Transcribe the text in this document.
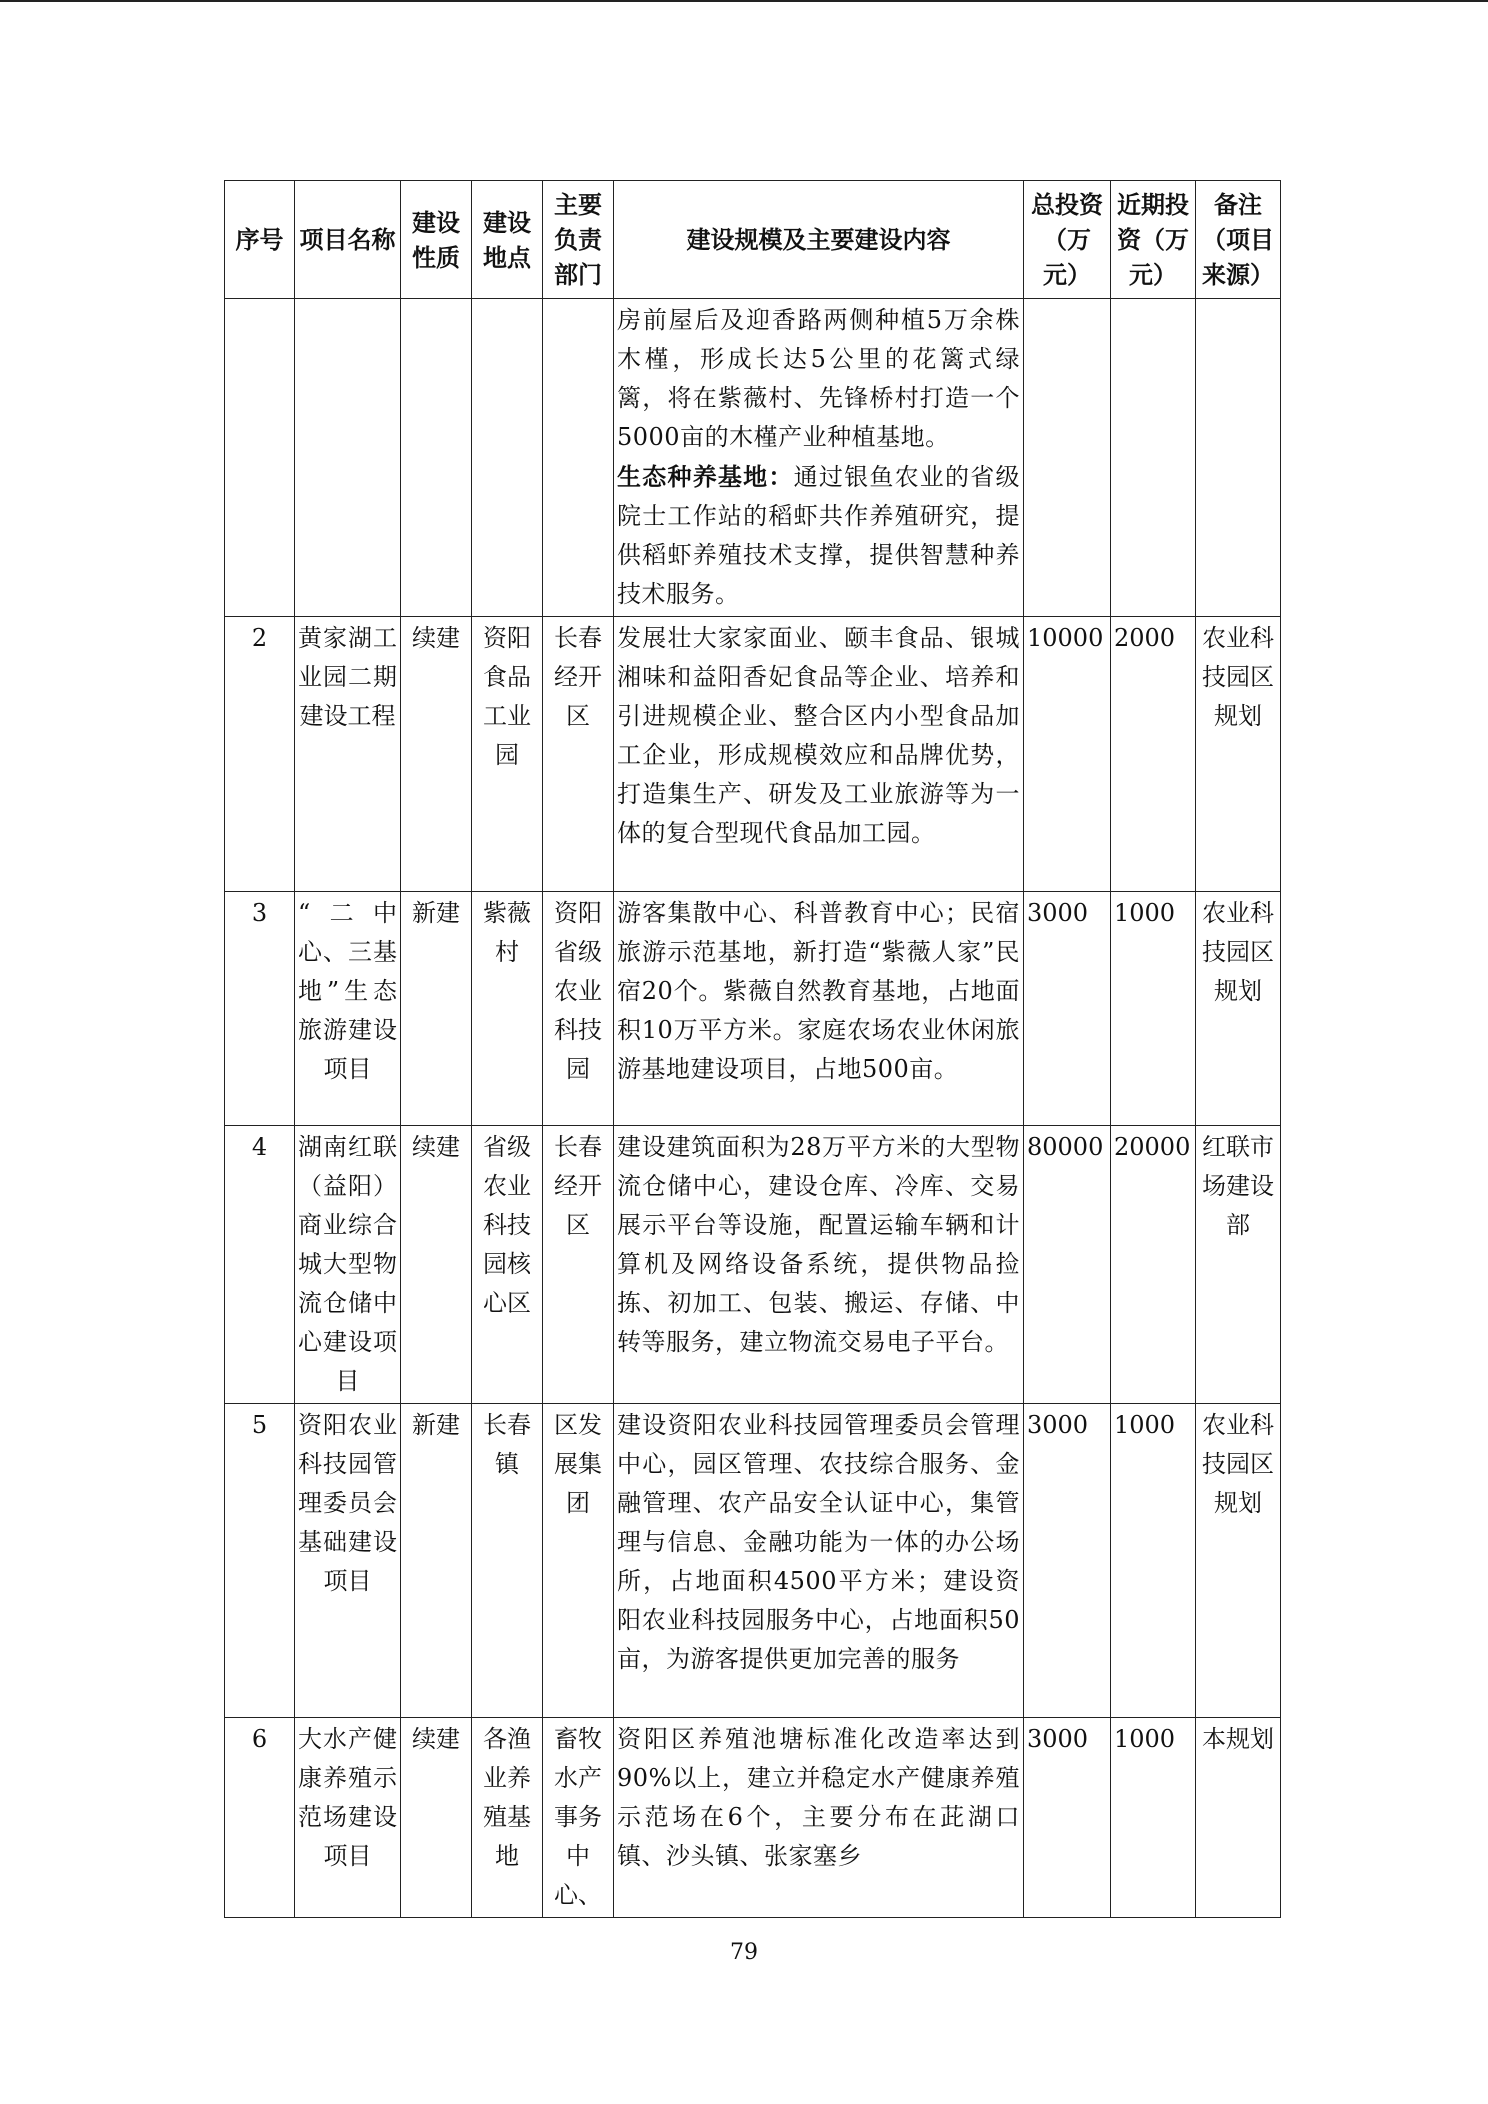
序号	项目名称	建设性质	建设地点	主要负责部门	建设规模及主要建设内容	总投资（万元）	近期投资（万元）	备注（项目来源）
					房前屋后及迎香路两侧种植5万余株木槿，形成长达5公里的花篱式绿篱，将在紫薇村、先锋桥村打造一个5000亩的木槿产业种植基地。
生态种养基地：通过银鱼农业的省级院士工作站的稻虾共作养殖研究，提供稻虾养殖技术支撑，提供智慧种养技术服务。			
2	黄家湖工业园二期建设工程	续建	资阳食品工业园	长春经开区	发展壮大家家面业、颐丰食品、银城湘味和益阳香妃食品等企业、培养和引进规模企业、整合区内小型食品加工企业，形成规模效应和品牌优势，打造集生产、研发及工业旅游等为一体的复合型现代食品加工园。	10000	2000	农业科技园区规划
3	“二中心、三基地”生态旅游建设项目	新建	紫薇村	资阳省级农业科技园	游客集散中心、科普教育中心；民宿旅游示范基地，新打造“紫薇人家”民宿20个。紫薇自然教育基地，占地面积10万平方米。家庭农场农业休闲旅游基地建设项目，占地500亩。	3000	1000	农业科技园区规划
4	湖南红联（益阳）商业综合城大型物流仓储中心建设项目	续建	省级农业科技园核心区	长春经开区	建设建筑面积为28万平方米的大型物流仓储中心，建设仓库、冷库、交易展示平台等设施，配置运输车辆和计算机及网络设备系统，提供物品捡拣、初加工、包装、搬运、存储、中转等服务，建立物流交易电子平台。	80000	20000	红联市场建设部
5	资阳农业科技园管理委员会基础建设项目	新建	长春镇	区发展集团	建设资阳农业科技园管理委员会管理中心，园区管理、农技综合服务、金融管理、农产品安全认证中心，集管理与信息、金融功能为一体的办公场所，占地面积4500平方米；建设资阳农业科技园服务中心，占地面积50亩，为游客提供更加完善的服务	3000	1000	农业科技园区规划
6	大水产健康养殖示范场建设项目	续建	各渔业养殖基地	畜牧水产事务中心、	资阳区养殖池塘标准化改造率达到90%以上，建立并稳定水产健康养殖示范场在6个，主要分布在茈湖口镇、沙头镇、张家塞乡	3000	1000	本规划
79
